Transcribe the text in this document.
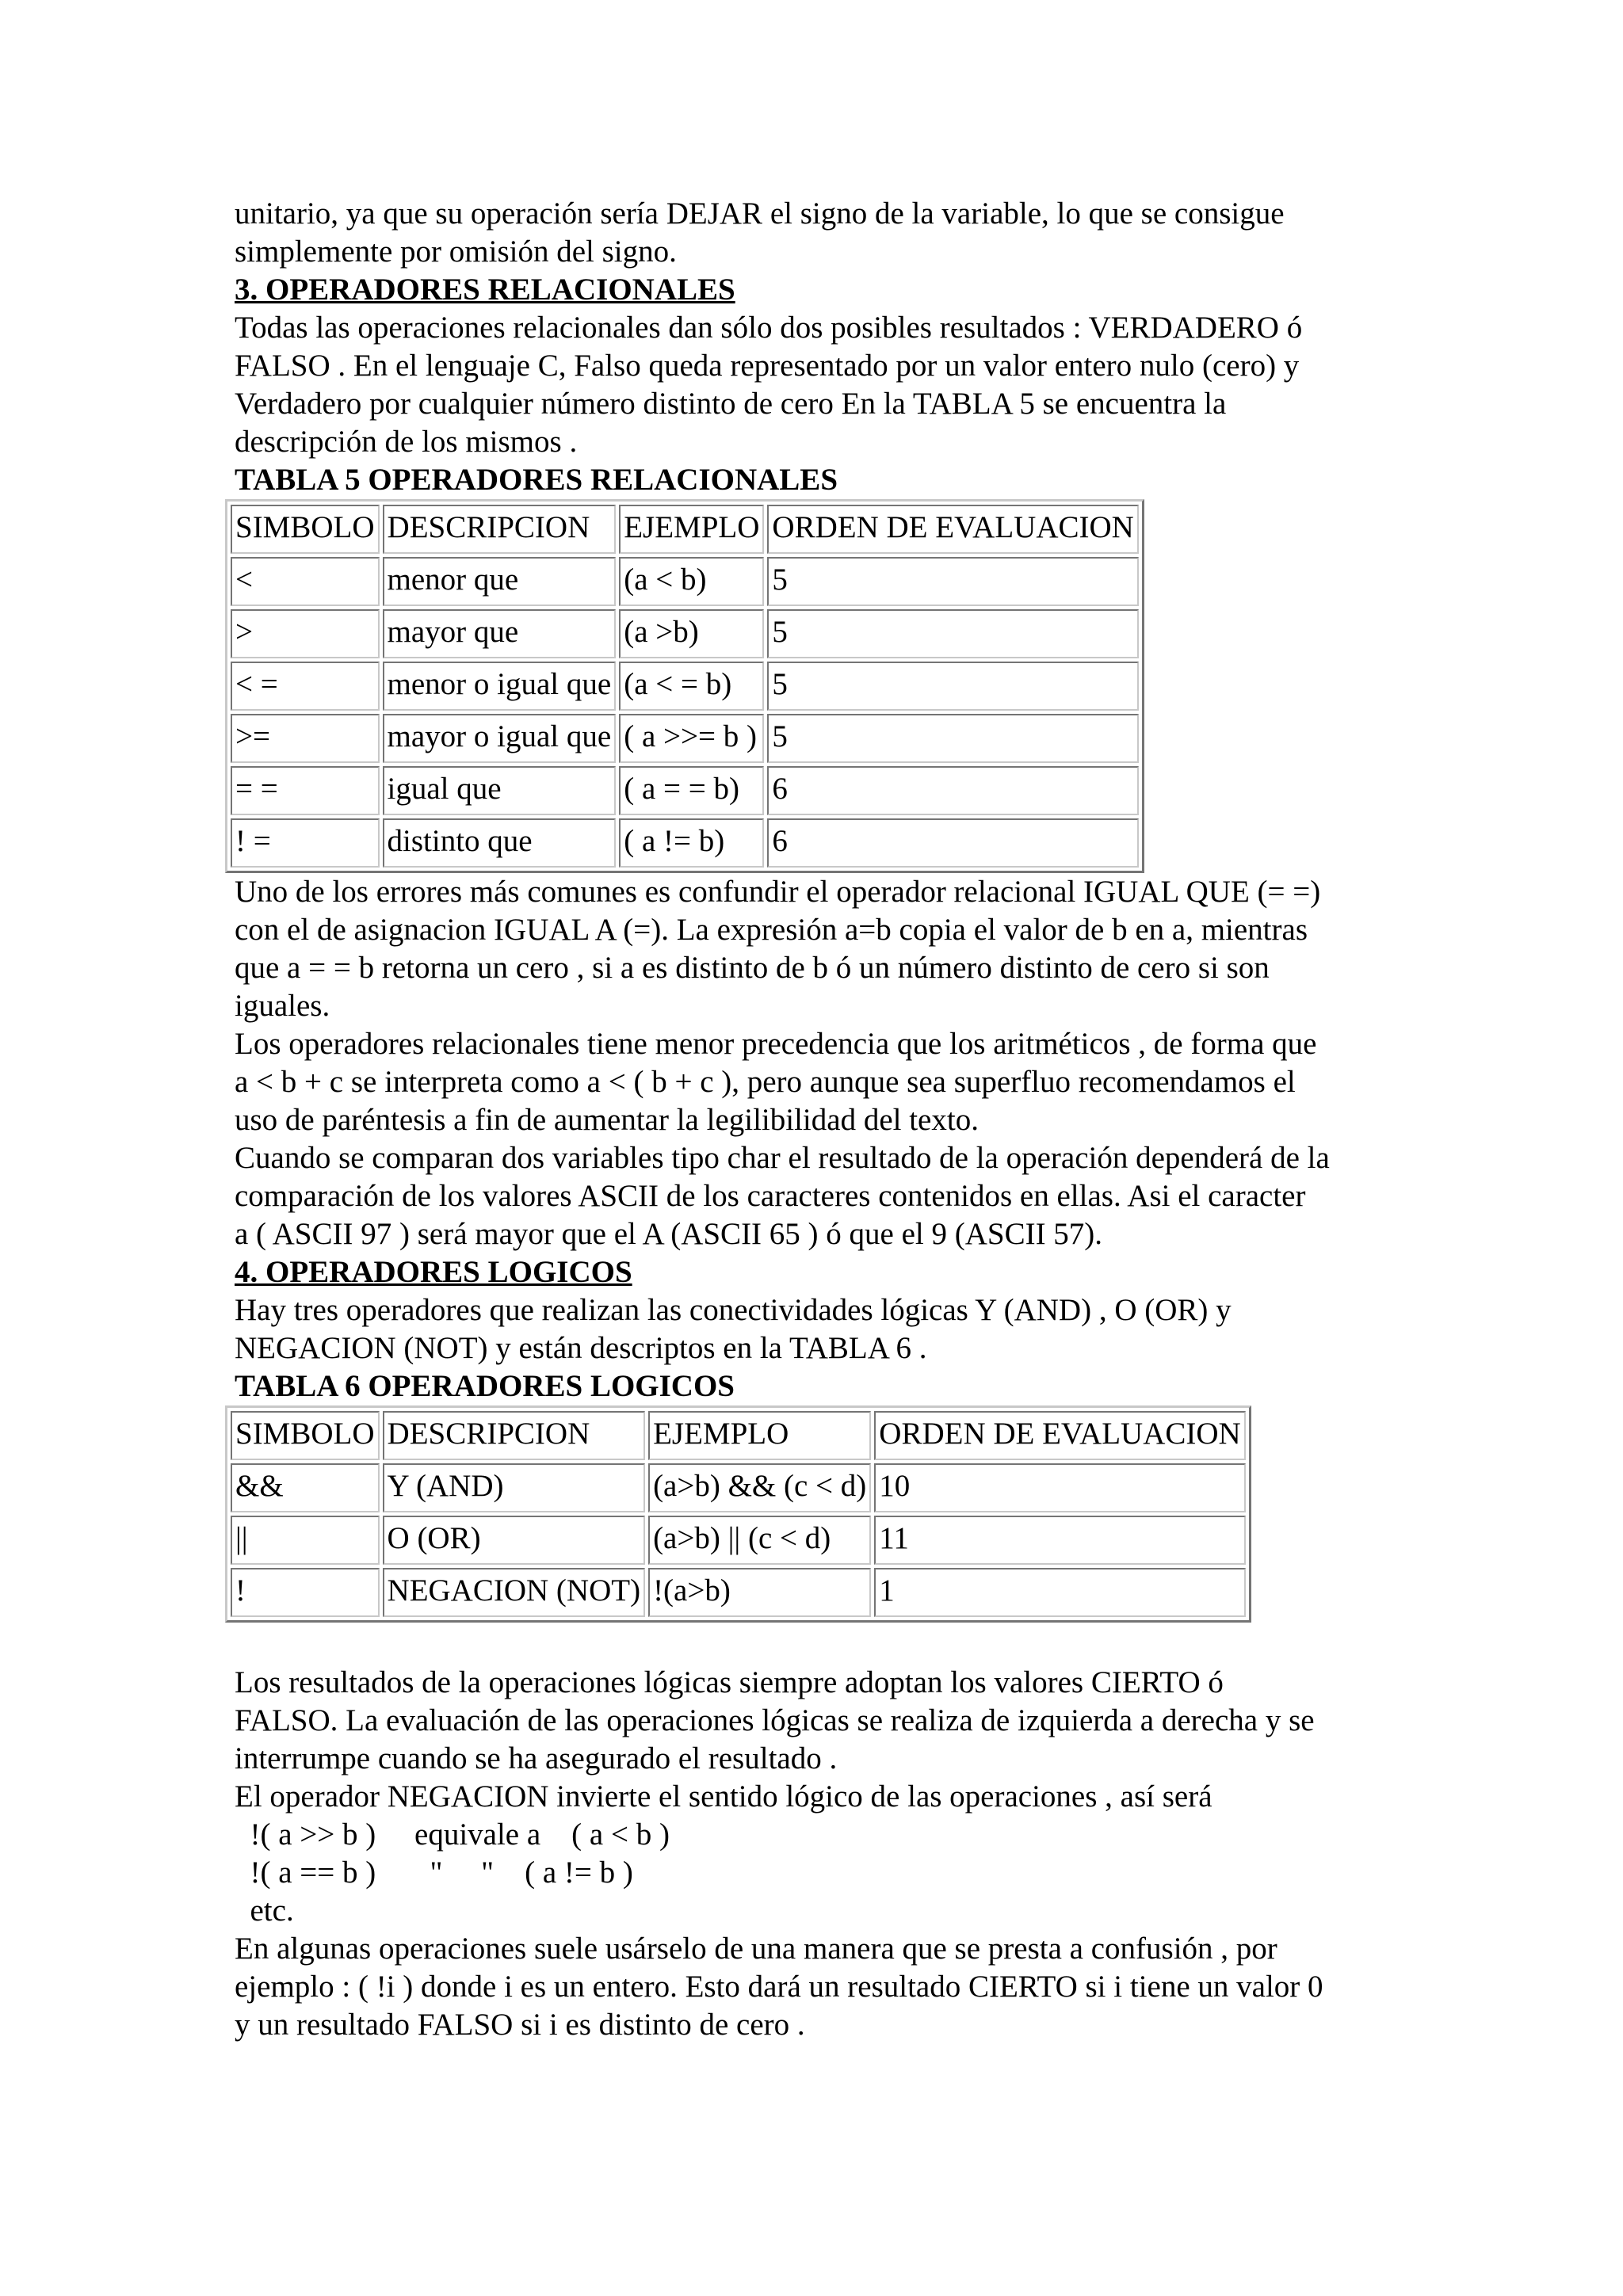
unitario, ya que su operación sería DEJAR el signo de la variable, lo que se consigue
simplemente por omisión del signo.

3. OPERADORES RELACIONALES

Todas las operaciones relacionales dan sólo dos posibles resultados : VERDADERO ó
FALSO . En el lenguaje C, Falso queda representado por un valor entero nulo (cero) y
Verdadero por cualquier número distinto de cero En la TABLA 5 se encuentra la
descripción de los mismos .

TABLA 5 OPERADORES RELACIONALES

SIMBOLO	DESCRIPCION	EJEMPLO	ORDEN DE EVALUACION
<	menor que	(a < b)	5
>	mayor que	(a >b)	5
< =	menor o igual que	(a < = b)	5
>=	mayor o igual que	( a >>= b )	5
= =	igual que	( a = = b)	6
! =	distinto que	( a != b)	6

Uno de los errores más comunes es confundir el operador relacional IGUAL QUE (= =)
con el de asignacion IGUAL A (=). La expresión a=b copia el valor de b en a, mientras
que a = = b retorna un cero , si a es distinto de b ó un número distinto de cero si son
iguales.

Los operadores relacionales tiene menor precedencia que los aritméticos , de forma que
a < b + c se interpreta como a < ( b + c ), pero aunque sea superfluo recomendamos el
uso de paréntesis a fin de aumentar la legilibilidad del texto.

Cuando se comparan dos variables tipo char el resultado de la operación dependerá de la
comparación de los valores ASCII de los caracteres contenidos en ellas. Asi el caracter
a ( ASCII 97 ) será mayor que el A (ASCII 65 ) ó que el 9 (ASCII 57).

4. OPERADORES LOGICOS

Hay tres operadores que realizan las conectividades lógicas Y (AND) , O (OR) y
NEGACION (NOT) y están descriptos en la TABLA 6 .

TABLA 6 OPERADORES LOGICOS

SIMBOLO	DESCRIPCION	EJEMPLO	ORDEN DE EVALUACION
&&	Y (AND)	(a>b) && (c < d)	10
||	O (OR)	(a>b) || (c < d)	11
!	NEGACION (NOT)	!(a>b)	1

Los resultados de la operaciones lógicas siempre adoptan los valores CIERTO ó
FALSO. La evaluación de las operaciones lógicas se realiza de izquierda a derecha y se
interrumpe cuando se ha asegurado el resultado .

El operador NEGACION invierte el sentido lógico de las operaciones , así será

!( a >> b )     equivale a    ( a < b )
!( a == b )       "     "    ( a != b )
etc.

En algunas operaciones suele usárselo de una manera que se presta a confusión , por
ejemplo : ( !i ) donde i es un entero. Esto dará un resultado CIERTO si i tiene un valor 0
y un resultado FALSO si i es distinto de cero .
